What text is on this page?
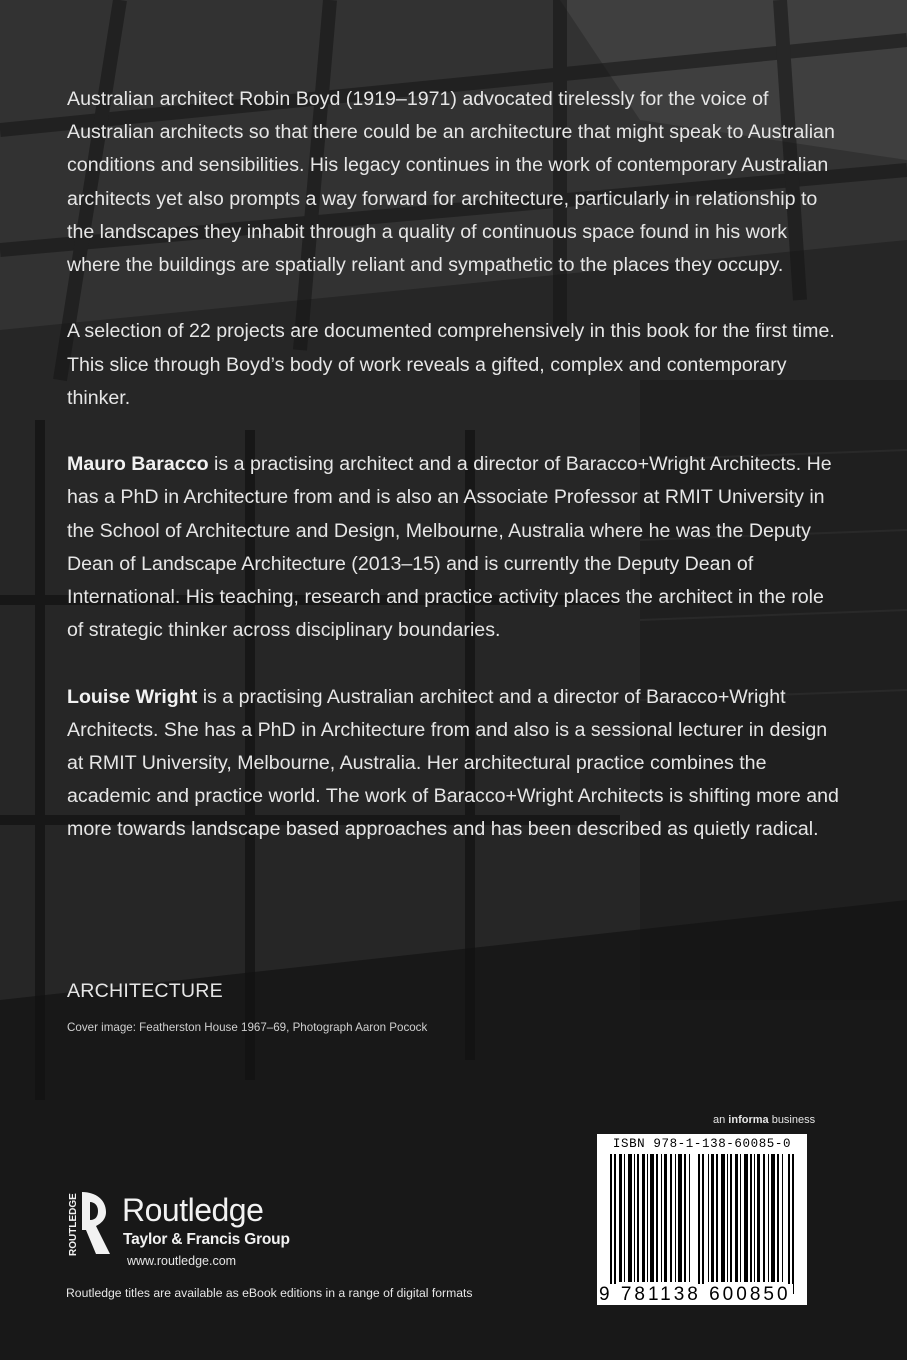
Australian architect Robin Boyd (1919–1971) advocated tirelessly for the voice of Australian architects so that there could be an architecture that might speak to Australian conditions and sensibilities. His legacy continues in the work of contemporary Australian architects yet also prompts a way forward for architecture, particularly in relationship to the landscapes they inhabit through a quality of continuous space found in his work where the buildings are spatially reliant and sympathetic to the places they occupy.

A selection of 22 projects are documented comprehensively in this book for the first time. This slice through Boyd’s body of work reveals a gifted, complex and contemporary thinker.

Mauro Baracco is a practising architect and a director of Baracco+Wright Architects. He has a PhD in Architecture from and is also an Associate Professor at RMIT University in the School of Architecture and Design, Melbourne, Australia where he was the Deputy Dean of Landscape Architecture (2013–15) and is currently the Deputy Dean of International. His teaching, research and practice activity places the architect in the role of strategic thinker across disciplinary boundaries.

Louise Wright is a practising Australian architect and a director of Baracco+Wright Architects. She has a PhD in Architecture from and also is a sessional lecturer in design at RMIT University, Melbourne, Australia. Her architectural practice combines the academic and practice world. The work of Baracco+Wright Architects is shifting more and more towards landscape based approaches and has been described as quietly radical.

ARCHITECTURE
Cover image: Featherston House 1967–69, Photograph Aaron Pocock
an informa business
ISBN 978-1-138-60085-0
9 781138 600850
ROUTLEDGE Routledge
Taylor & Francis Group
www.routledge.com
Routledge titles are available as eBook editions in a range of digital formats
